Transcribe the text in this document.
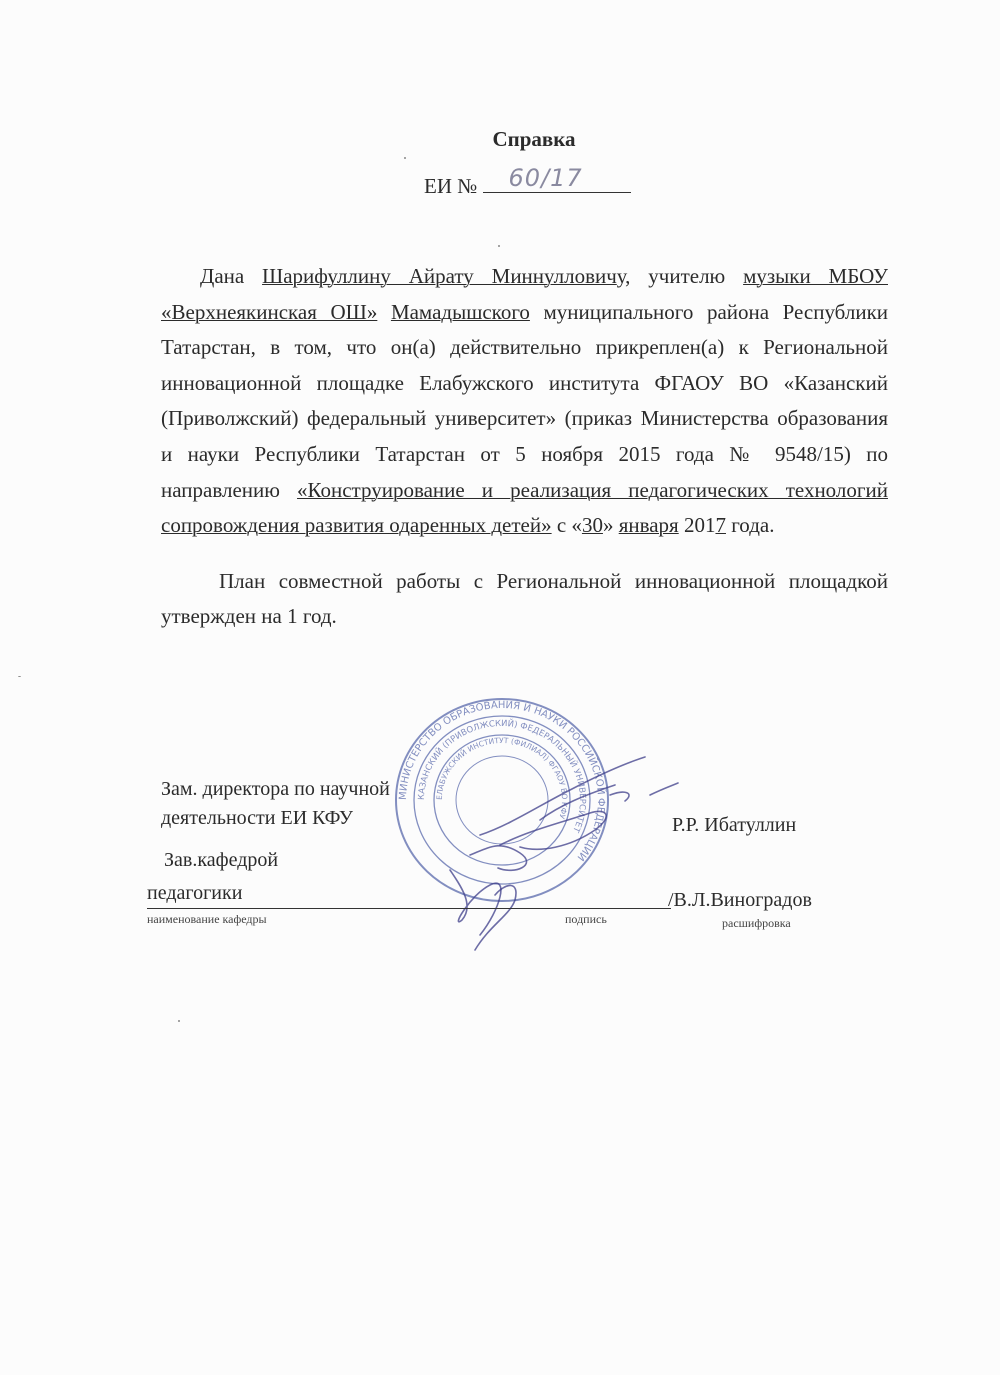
Справка
ЕИ № 60/17

Дана Шарифуллину Айрату Миннулловичу, учителю музыки МБОУ «Верхнеякинская ОШ» Мамадышского муниципального района Республики Татарстан, в том, что он(а) действительно прикреплен(а) к Региональной инновационной площадке Елабужского института ФГАОУ ВО «Казанский (Приволжский) федеральный университет» (приказ Министерства образования и науки Республики Татарстан от 5 ноября 2015 года № 9548/15) по направлению «Конструирование и реализация педагогических технологий сопровождения развития одаренных детей» с «30» января 2017 года.

План совместной работы с Региональной инновационной площадкой утвержден на 1 год.

МИНИСТЕРСТВО ОБРАЗОВАНИЯ И НАУКИ РОССИЙСКОЙ ФЕДЕРАЦИИ
КАЗАНСКИЙ (ПРИВОЛЖСКИЙ) ФЕДЕРАЛЬНЫЙ УНИВЕРСИТЕТ
ЕЛАБУЖСКИЙ ИНСТИТУТ (ФИЛИАЛ) ФГАОУ ВО КФУ
Зам. директора по научной
деятельности ЕИ КФУ	Р.Р. Ибатуллин
Зав.кафедрой
педагогики	/В.Л.Виноградов
наименование кафедры	подпись	расшифровка
